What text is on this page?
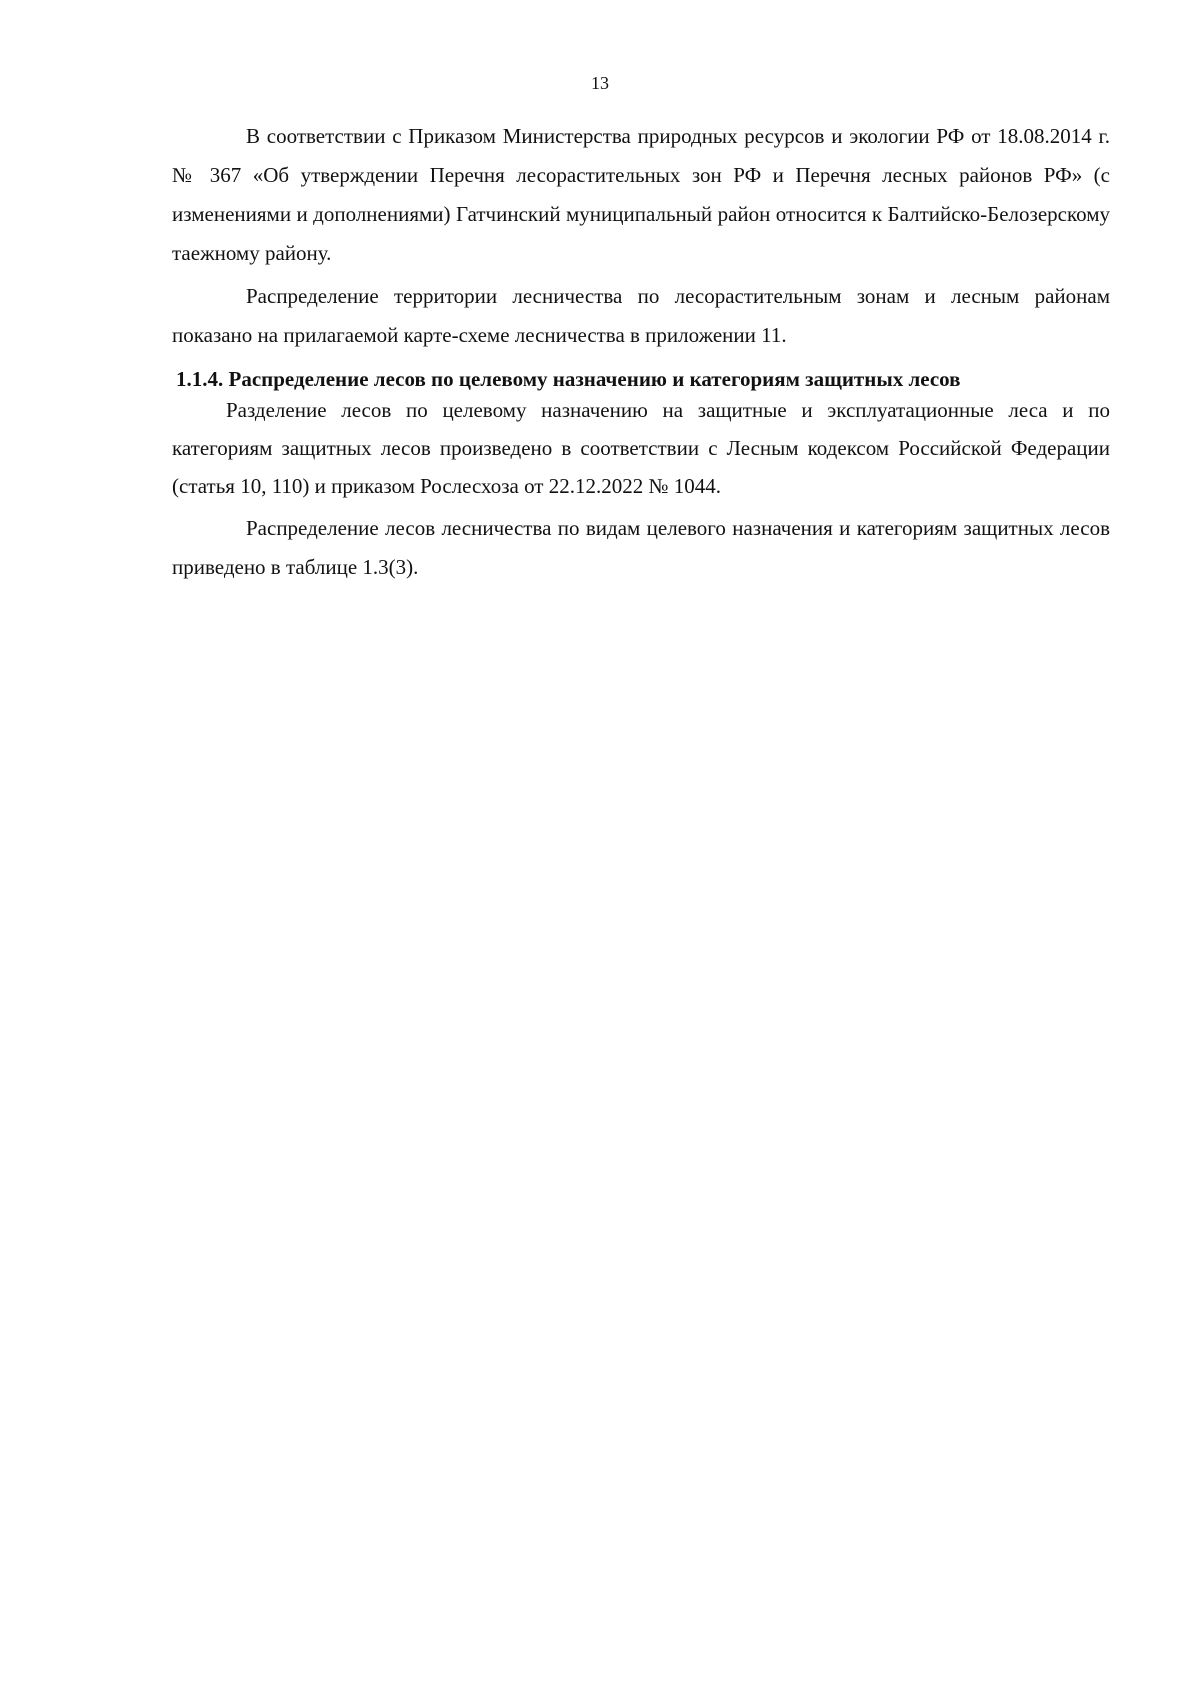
13

В соответствии с Приказом Министерства природных ресурсов и экологии РФ от 18.08.2014 г. № 367 «Об утверждении Перечня лесорастительных зон РФ и Перечня лесных районов РФ» (с изменениями и дополнениями) Гатчинский муниципальный район относится к Балтийско-Белозерскому таежному району.

Распределение территории лесничества по лесорастительным зонам и лесным районам показано на прилагаемой карте-схеме лесничества в приложении 11.

1.1.4. Распределение лесов по целевому назначению и категориям защитных лесов

Разделение лесов по целевому назначению на защитные и эксплуатационные леса и по категориям защитных лесов произведено в соответствии с Лесным кодексом Российской Федерации (статья 10, 110) и приказом Рослесхоза от 22.12.2022 № 1044.

Распределение лесов лесничества по видам целевого назначения и категориям защитных лесов приведено в таблице 1.3(3).
